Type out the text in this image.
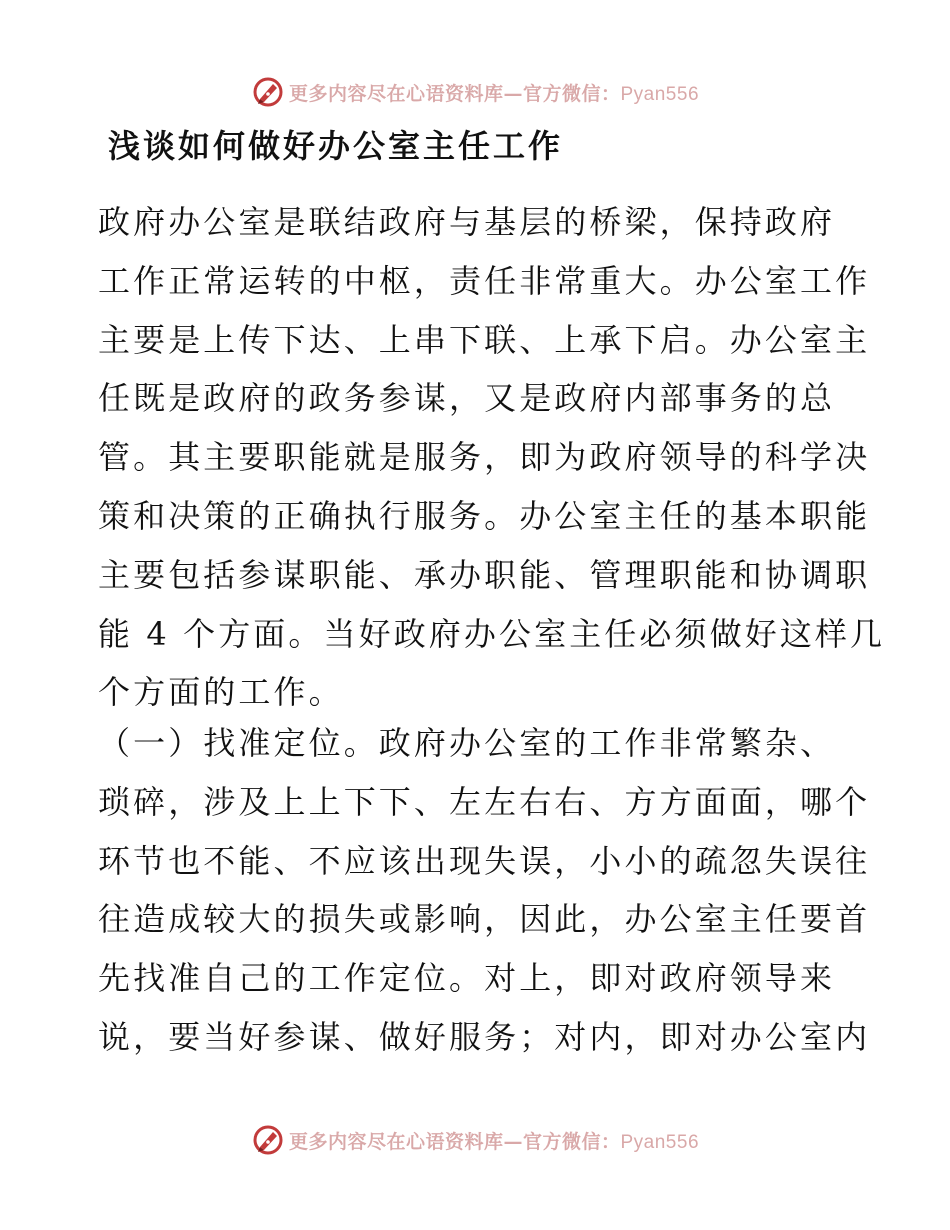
更多内容尽在心语资料库—官方微信：Pyan556
浅谈如何做好办公室主任工作
政府办公室是联结政府与基层的桥梁，保持政府
工作正常运转的中枢，责任非常重大。办公室工作
主要是上传下达、上串下联、上承下启。办公室主
任既是政府的政务参谋，又是政府内部事务的总
管。其主要职能就是服务，即为政府领导的科学决
策和决策的正确执行服务。办公室主任的基本职能
主要包括参谋职能、承办职能、管理职能和协调职
能 4 个方面。当好政府办公室主任必须做好这样几
个方面的工作。
（一）找准定位。政府办公室的工作非常繁杂、
琐碎，涉及上上下下、左左右右、方方面面，哪个
环节也不能、不应该出现失误，小小的疏忽失误往
往造成较大的损失或影响，因此，办公室主任要首
先找准自己的工作定位。对上，即对政府领导来
说，要当好参谋、做好服务；对内，即对办公室内
更多内容尽在心语资料库—官方微信：Pyan556
